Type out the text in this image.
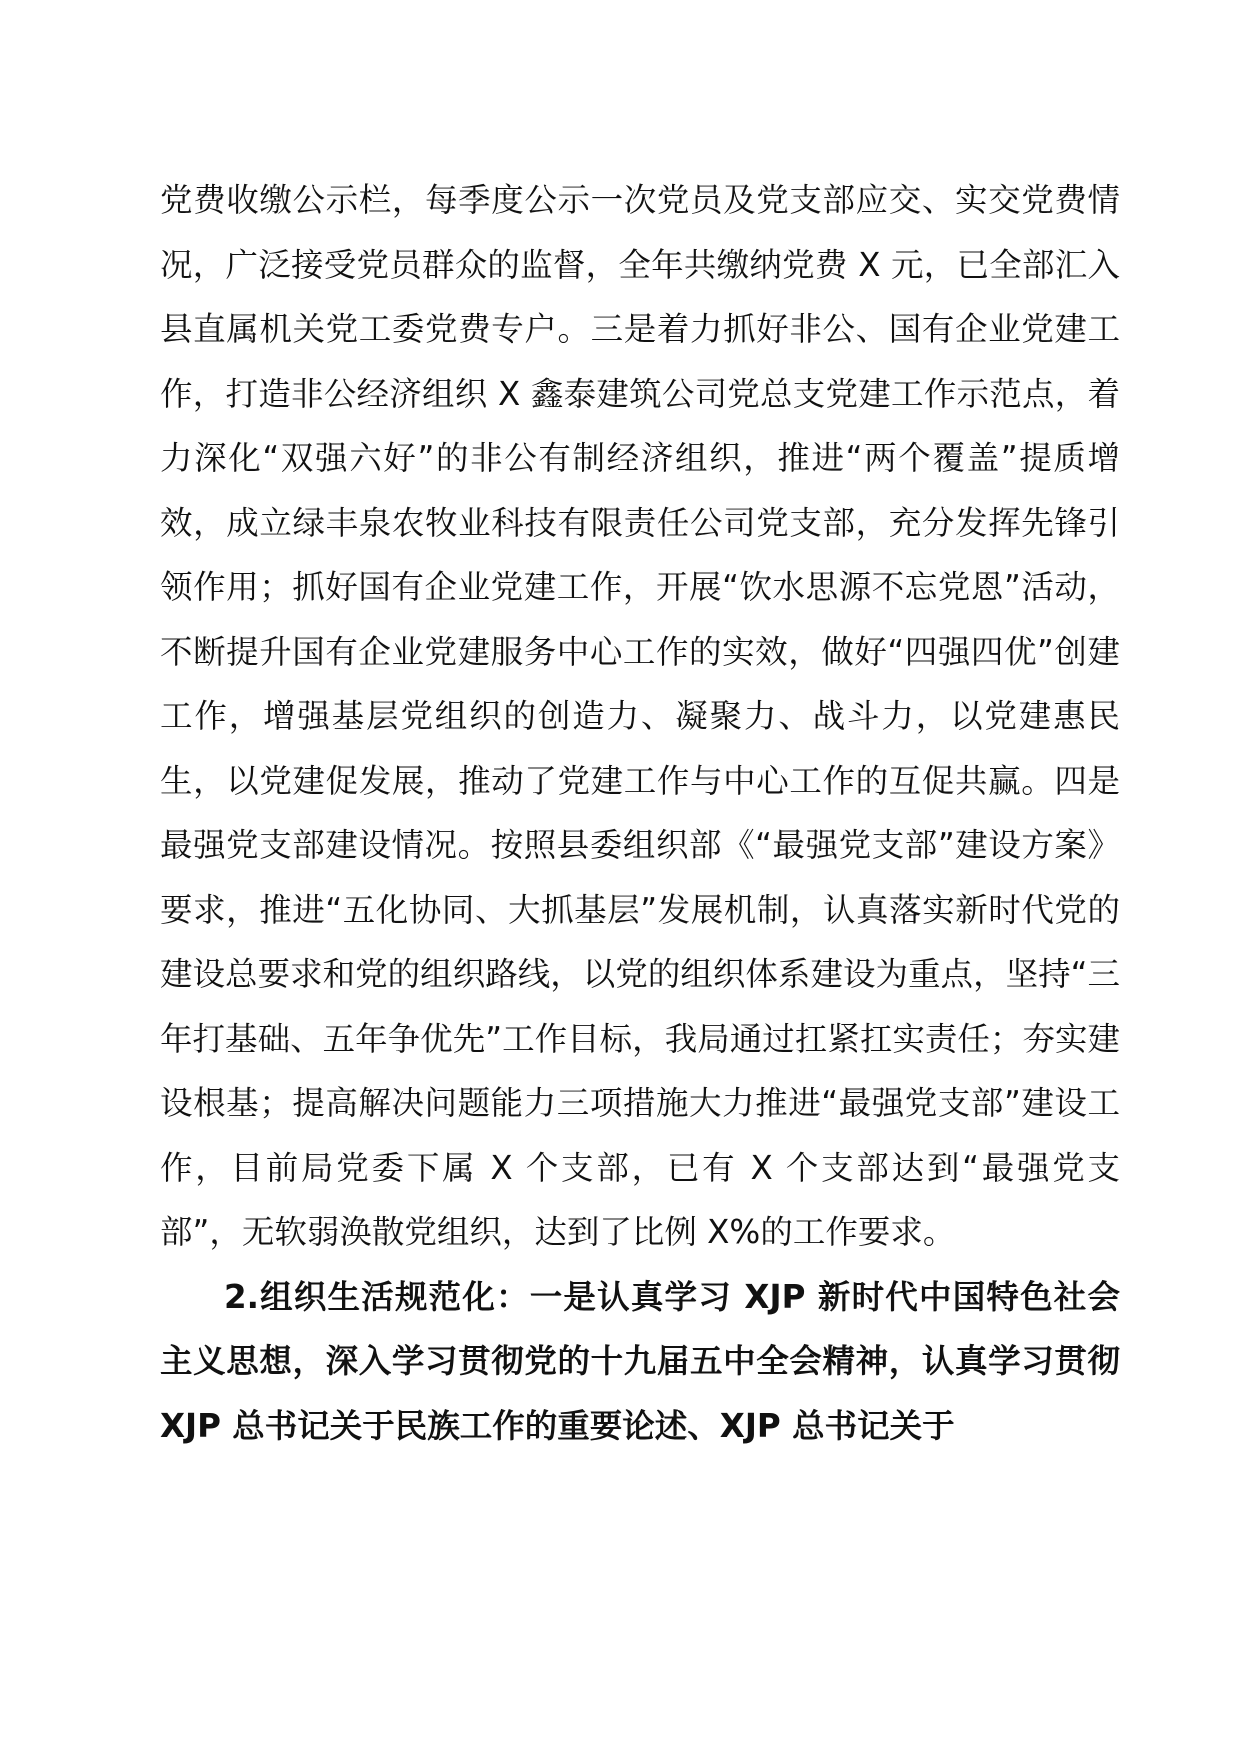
党费收缴公示栏，每季度公示一次党员及党支部应交、实交党费情况，广泛接受党员群众的监督，全年共缴纳党费 X 元，已全部汇入县直属机关党工委党费专户。三是着力抓好非公、国有企业党建工作，打造非公经济组织 X 鑫泰建筑公司党总支党建工作示范点，着力深化“双强六好”的非公有制经济组织，推进“两个覆盖”提质增效，成立绿丰泉农牧业科技有限责任公司党支部，充分发挥先锋引领作用；抓好国有企业党建工作，开展“饮水思源不忘党恩”活动，不断提升国有企业党建服务中心工作的实效，做好“四强四优”创建工作，增强基层党组织的创造力、凝聚力、战斗力，以党建惠民生，以党建促发展，推动了党建工作与中心工作的互促共赢。四是最强党支部建设情况。按照县委组织部《“最强党支部”建设方案》要求，推进“五化协同、大抓基层”发展机制，认真落实新时代党的建设总要求和党的组织路线，以党的组织体系建设为重点，坚持“三年打基础、五年争优先”工作目标，我局通过扛紧扛实责任；夯实建设根基；提高解决问题能力三项措施大力推进“最强党支部”建设工作，目前局党委下属 X 个支部，已有 X 个支部达到“最强党支部”，无软弱涣散党组织，达到了比例 X%的工作要求。

2.组织生活规范化：一是认真学习 XJP 新时代中国特色社会主义思想，深入学习贯彻党的十九届五中全会精神，认真学习贯彻 XJP 总书记关于民族工作的重要论述、XJP 总书记关于
